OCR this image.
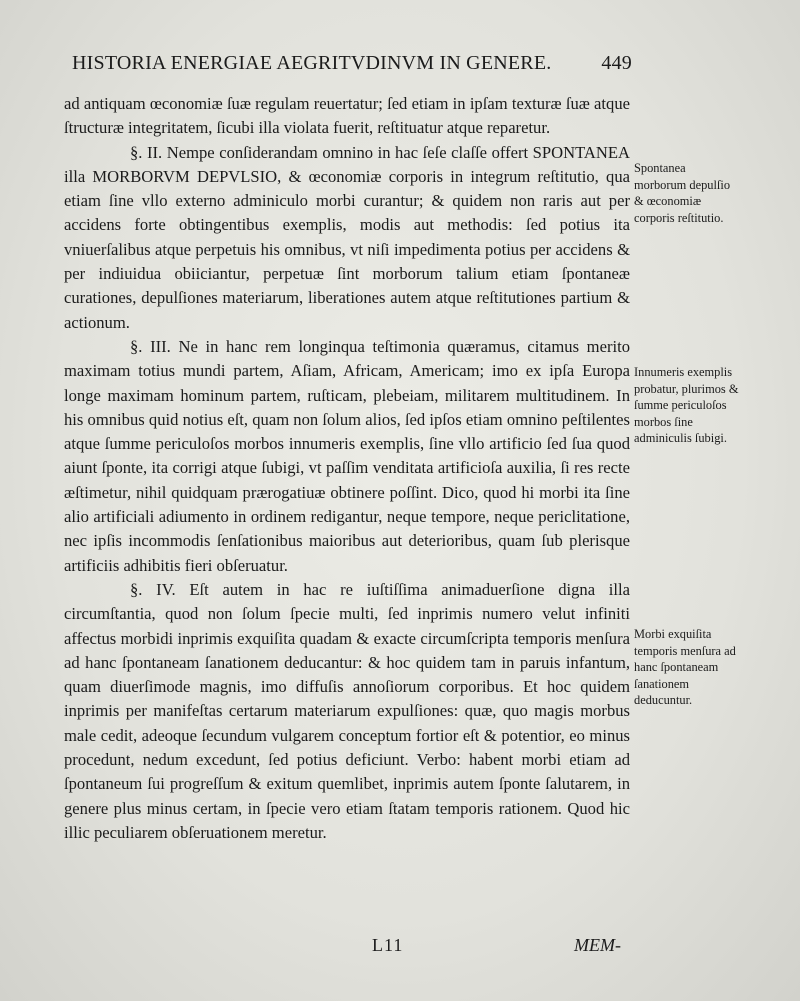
HISTORIA ENERGIAE AEGRITVDINVM IN GENERE. 449

ad antiquam œconomiæ ſuæ regulam reuertatur; ſed etiam in ipſam texturæ ſuæ atque ſtructuræ integritatem, ſicubi illa violata fuerit, reſtituatur atque reparetur.

§. II. Nempe conſiderandam omnino in hac ſeſe claſſe offert SPONTANEA illa MORBORVM DEPVLSIO, & œconomiæ corporis in integrum reſtitutio, qua etiam ſine vllo externo adminiculo morbi curantur; & quidem non raris aut per accidens forte obtingentibus exemplis, modis aut methodis: ſed potius ita vniuerſalibus atque perpetuis his omnibus, vt niſi impedimenta potius per accidens & per indiuidua obiiciantur, perpetuæ ſint morborum talium etiam ſpontaneæ curationes, depulſiones materiarum, liberationes autem atque reſtitutiones partium & actionum.

§. III. Ne in hanc rem longinqua teſtimonia quæramus, citamus merito maximam totius mundi partem, Aſiam, Africam, Americam; imo ex ipſa Europa longe maximam hominum partem, ruſticam, plebeiam, militarem multitudinem. In his omnibus quid notius eſt, quam non ſolum alios, ſed ipſos etiam omnino peſtilentes atque ſumme periculoſos morbos innumeris exemplis, ſine vllo artificio ſed ſua quod aiunt ſponte, ita corrigi atque ſubigi, vt paſſim venditata artificioſa auxilia, ſi res recte æſtimetur, nihil quidquam prærogatiuæ obtinere poſſint. Dico, quod hi morbi ita ſine alio artificiali adiumento in ordinem redigantur, neque tempore, neque periclitatione, nec ipſis incommodis ſenſationibus maioribus aut deterioribus, quam ſub plerisque artificiis adhibitis fieri obſeruatur.

§. IV. Eſt autem in hac re iuſtiſſima animaduerſione digna illa circumſtantia, quod non ſolum ſpecie multi, ſed inprimis numero velut infiniti affectus morbidi inprimis exquiſita quadam & exacte circumſcripta temporis menſura ad hanc ſpontaneam ſanationem deducantur: & hoc quidem tam in paruis infantum, quam diuerſimode magnis, imo diffuſis annoſiorum corporibus. Et hoc quidem inprimis per manifeſtas certarum materiarum expulſiones: quæ, quo magis morbus male cedit, adeoque ſecundum vulgarem conceptum fortior eſt & potentior, eo minus procedunt, nedum excedunt, ſed potius deficiunt. Verbo: habent morbi etiam ad ſpontaneum ſui progreſſum & exitum quemlibet, inprimis autem ſponte ſalutarem, in genere plus minus certam, in ſpecie vero etiam ſtatam temporis rationem. Quod hic illic peculiarem obſeruationem meretur.

Spontanea morborum depulſio & œconomiæ corporis reſtitutio.
Innumeris exemplis probatur, plurimos & ſumme periculoſos morbos ſine adminiculis ſubigi.
Morbi exquiſita temporis menſura ad hanc ſpontaneam ſanationem deducuntur.
L11	MEM-
